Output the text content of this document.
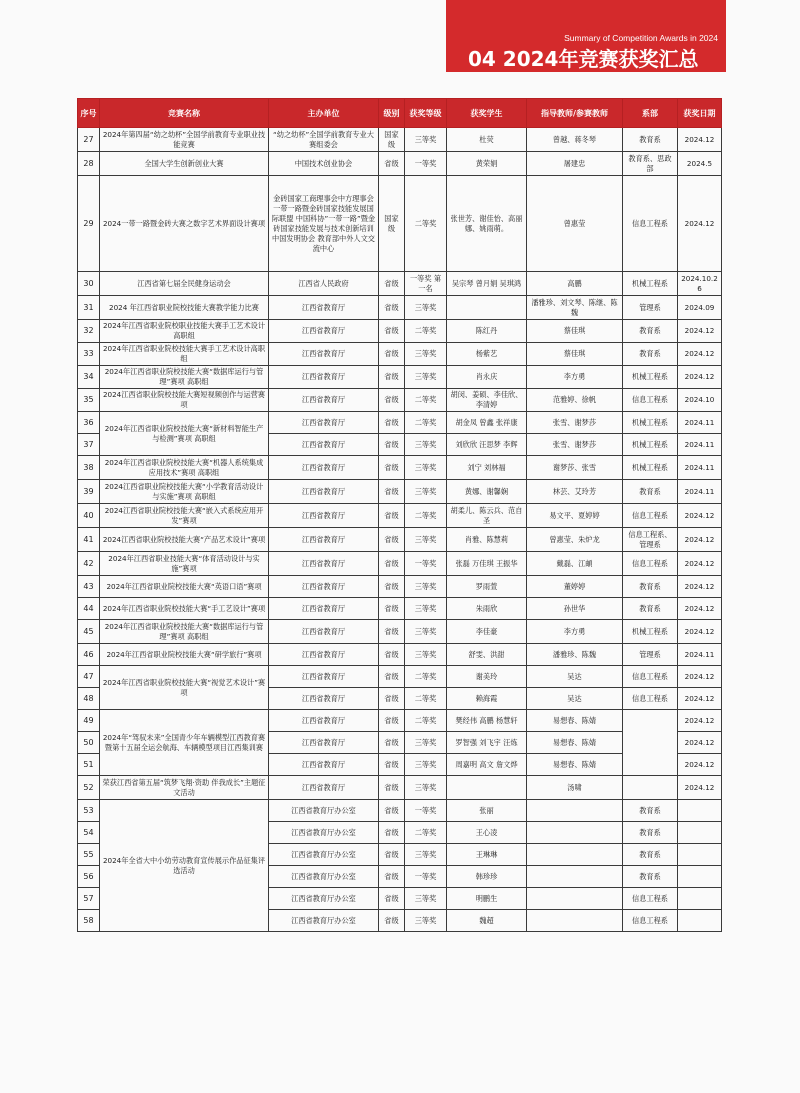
Summary of Competition Awards in 2024
04 2024年竞赛获奖汇总
序号	竞赛名称	主办单位	级别	获奖等级	获奖学生	指导教师/参赛教师	系部	获奖日期
27	2024年第四届“幼之幼杯”全国学前教育专业职业技能竞赛	“幼之幼杯”全国学前教育专业大赛组委会	国家级	三等奖	杜荧	曾越、蒋冬琴	教育系	2024.12
28	全国大学生创新创业大赛	中国技术创业协会	省级	一等奖	黄荣娟	屠建忠	教育系、思政部	2024.5
29	2024一带一路暨金砖大赛之数字艺术界面设计赛项	金砖国家工商理事会中方理事会 一带一路暨金砖国家技能发展国际联盟 中国科协”一带一路”暨金砖国家技能发展与技术创新培训中国发明协会 教育部中外人文交流中心	国家级	二等奖	张世芳、谢佳怡、高丽娜、姚雨萌。	曾惠莹	信息工程系	2024.12
30	江西省第七届全民健身运动会	江西省人民政府	省级	一等奖 第一名	吴宗琴 曾月娟 吴琪鸿	高鹏	机械工程系	2024.10.26
31	2024 年江西省职业院校技能大赛教学能力比赛	江西省教育厅	省级	三等奖		潘雅珍、刘文琴、陈继、陈魏	管理系	2024.09
32	2024年江西省职业院校职业技能大赛手工艺术设计高职组	江西省教育厅	省级	二等奖	陈红丹	蔡佳琪	教育系	2024.12
33	2024年江西省职业院校技能大赛手工艺术设计高职组	江西省教育厅	省级	三等奖	杨紫艺	蔡佳琪	教育系	2024.12
34	2024年江西省职业院校技能大赛“数据库运行与管理”赛项 高职组	江西省教育厅	省级	三等奖	肖永庆	李方勇	机械工程系	2024.12
35	2024江西省职业院校技能大赛短视频创作与运营赛项	江西省教育厅	省级	二等奖	胡闵、姜硕、李佳欣、李清婷	范雅婷、徐帆	信息工程系	2024.10
36	2024年江西省职业院校技能大赛“新材料智能生产与检测”赛项 高职组	江西省教育厅	省级	二等奖	胡金凤 曾鑫 张祥康	张雪、谢梦莎	机械工程系	2024.11
37		江西省教育厅	省级	三等奖	刘欣欣 汪思梦 李辉	张雪、谢梦莎	机械工程系	2024.11
38	2024年江西省职业院校技能大赛“机器人系统集成应用技术”赛项 高职组	江西省教育厅	省级	三等奖	刘宁 刘林福	谢梦莎、张雪	机械工程系	2024.11
39	2024江西省职业院校技能大赛“小学教育活动设计与实施”赛项 高职组	江西省教育厅	省级	三等奖	黄娜、谢馨娴	林芸、艾玲芳	教育系	2024.11
40	2024江西省职业院校技能大赛“嵌入式系统应用开发”赛项	江西省教育厅	省级	二等奖	胡柔儿、陈云兵、范自圣	易文平、夏婷婷	信息工程系	2024.12
41	2024江西省职业院校技能大赛“产品艺术设计”赛项	江西省教育厅	省级	三等奖	肖雅、陈慧莉	曾惠莹、朱炉龙	信息工程系、管理系	2024.12
42	2024年江西省职业技能大赛“体育活动设计与实施”赛项	江西省教育厅	省级	一等奖	张磊 万佳琪 王振华	戴磊、江頔	信息工程系	2024.12
43	2024年江西省职业院校技能大赛“英语口语”赛项	江西省教育厅	省级	三等奖	罗雨萱	董婷婷	教育系	2024.12
44	2024年江西省职业院校技能大赛“手工艺设计”赛项	江西省教育厅	省级	三等奖	朱雨欣	孙世华	教育系	2024.12
45	2024年江西省职业院校技能大赛“数据库运行与管理”赛项 高职组	江西省教育厅	省级	三等奖	李佳豪	李方勇	机械工程系	2024.12
46	2024年江西省职业院校技能大赛“研学旅行”赛项	江西省教育厅	省级	三等奖	舒雯、洪甜	潘雅珍、陈魏	管理系	2024.11
47	2024年江西省职业院校技能大赛“视觉艺术设计”赛项	江西省教育厅	省级	二等奖	谢美玲	吴达	信息工程系	2024.12
48		江西省教育厅	省级	二等奖	赖海霞	吴达	信息工程系	2024.12
49	2024年“驾驭未来”全国青少年车辆模型江西教育赛暨第十五届全运会航海、车辆模型项目江西集训赛	江西省教育厅	省级	二等奖	樊经伟 高鹏 杨慧轩	易想春、陈婧		2024.12
50		江西省教育厅	省级	三等奖	罗智强 刘飞宇 汪炼	易想春、陈婧		2024.12
51		江西省教育厅	省级	三等奖	周嘉明 高文 詹文烨	易想春、陈婧		2024.12
52	荣获江西省第五届“筑梦飞翔·资助 伴我成长”主题征文活动	江西省教育厅	省级	三等奖		汤啸		2024.12
53	2024年全省大中小幼劳动教育宣传展示作品征集评选活动	江西省教育厅办公室	省级	一等奖	张丽		教育系	
54		江西省教育厅办公室	省级	二等奖	王心凌		教育系	
55		江西省教育厅办公室	省级	三等奖	王琳琳		教育系	
56		江西省教育厅办公室	省级	一等奖	韩珍珍		教育系	
57		江西省教育厅办公室	省级	三等奖	明鹏生		信息工程系	
58		江西省教育厅办公室	省级	三等奖	魏超		信息工程系	
